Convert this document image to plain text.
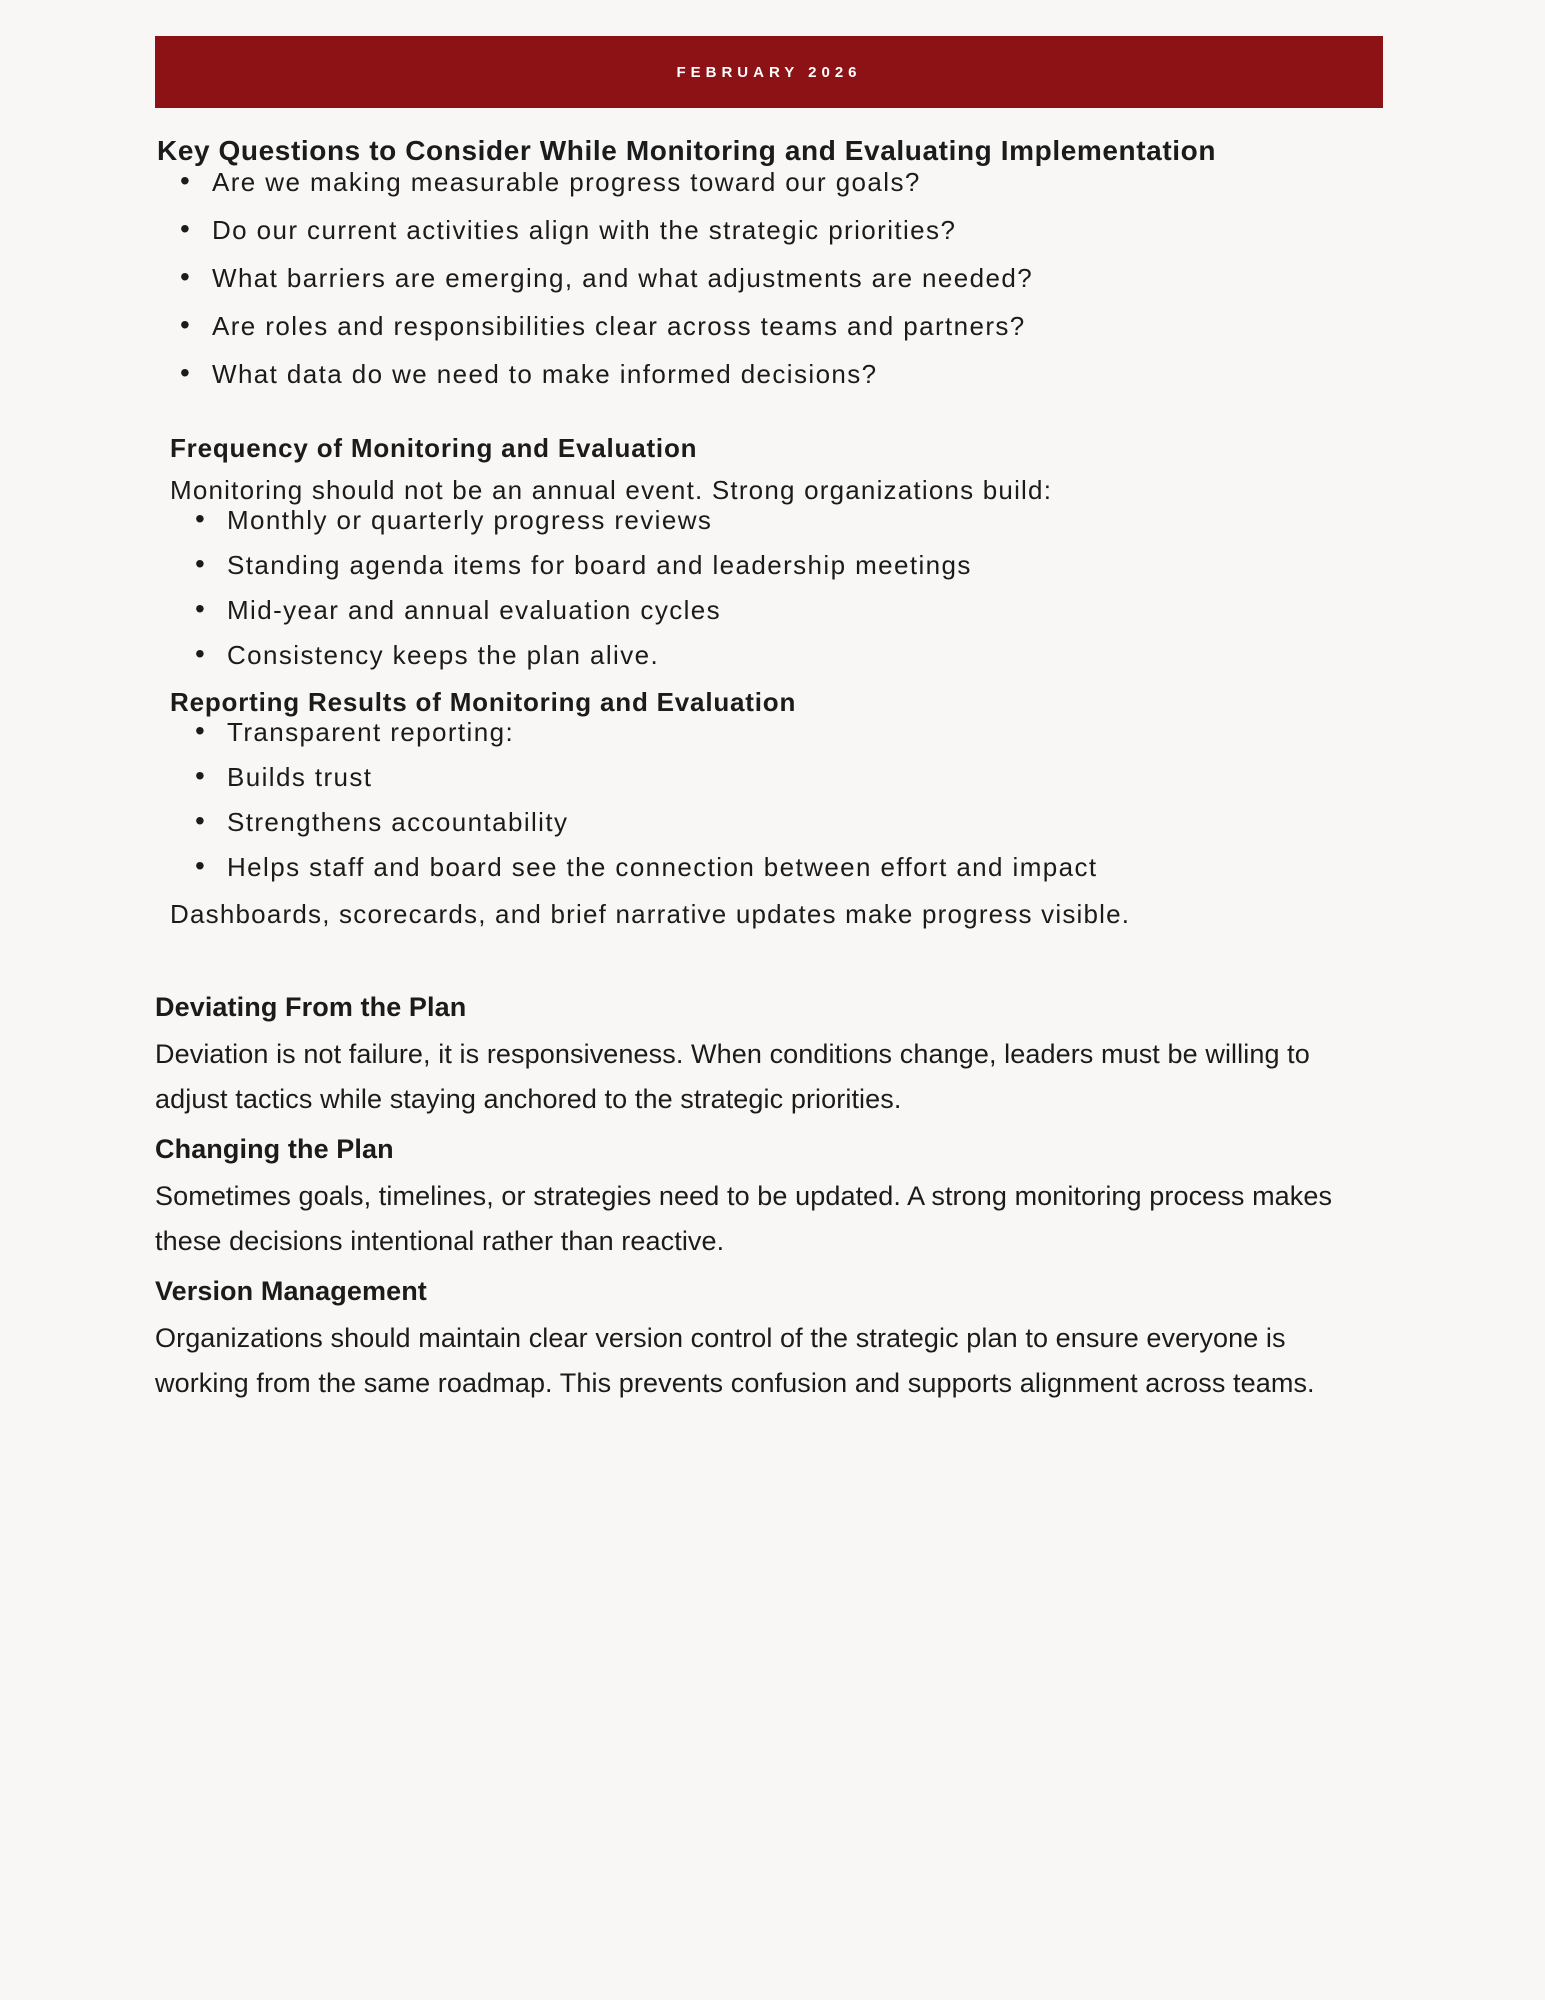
FEBRUARY 2026
Key Questions to Consider While Monitoring and Evaluating Implementation
• Are we making measurable progress toward our goals?
• Do our current activities align with the strategic priorities?
• What barriers are emerging, and what adjustments are needed?
• Are roles and responsibilities clear across teams and partners?
• What data do we need to make informed decisions?
Frequency of Monitoring and Evaluation

Monitoring should not be an annual event. Strong organizations build:

• Monthly or quarterly progress reviews
• Standing agenda items for board and leadership meetings
• Mid-year and annual evaluation cycles
• Consistency keeps the plan alive.
Reporting Results of Monitoring and Evaluation
• Transparent reporting:
• Builds trust
• Strengthens accountability
• Helps staff and board see the connection between effort and impact

Dashboards, scorecards, and brief narrative updates make progress visible.

Deviating From the Plan

Deviation is not failure, it is responsiveness. When conditions change, leaders must be willing to adjust tactics while staying anchored to the strategic priorities.

Changing the Plan

Sometimes goals, timelines, or strategies need to be updated. A strong monitoring process makes these decisions intentional rather than reactive.

Version Management

Organizations should maintain clear version control of the strategic plan to ensure everyone is working from the same roadmap. This prevents confusion and supports alignment across teams.
